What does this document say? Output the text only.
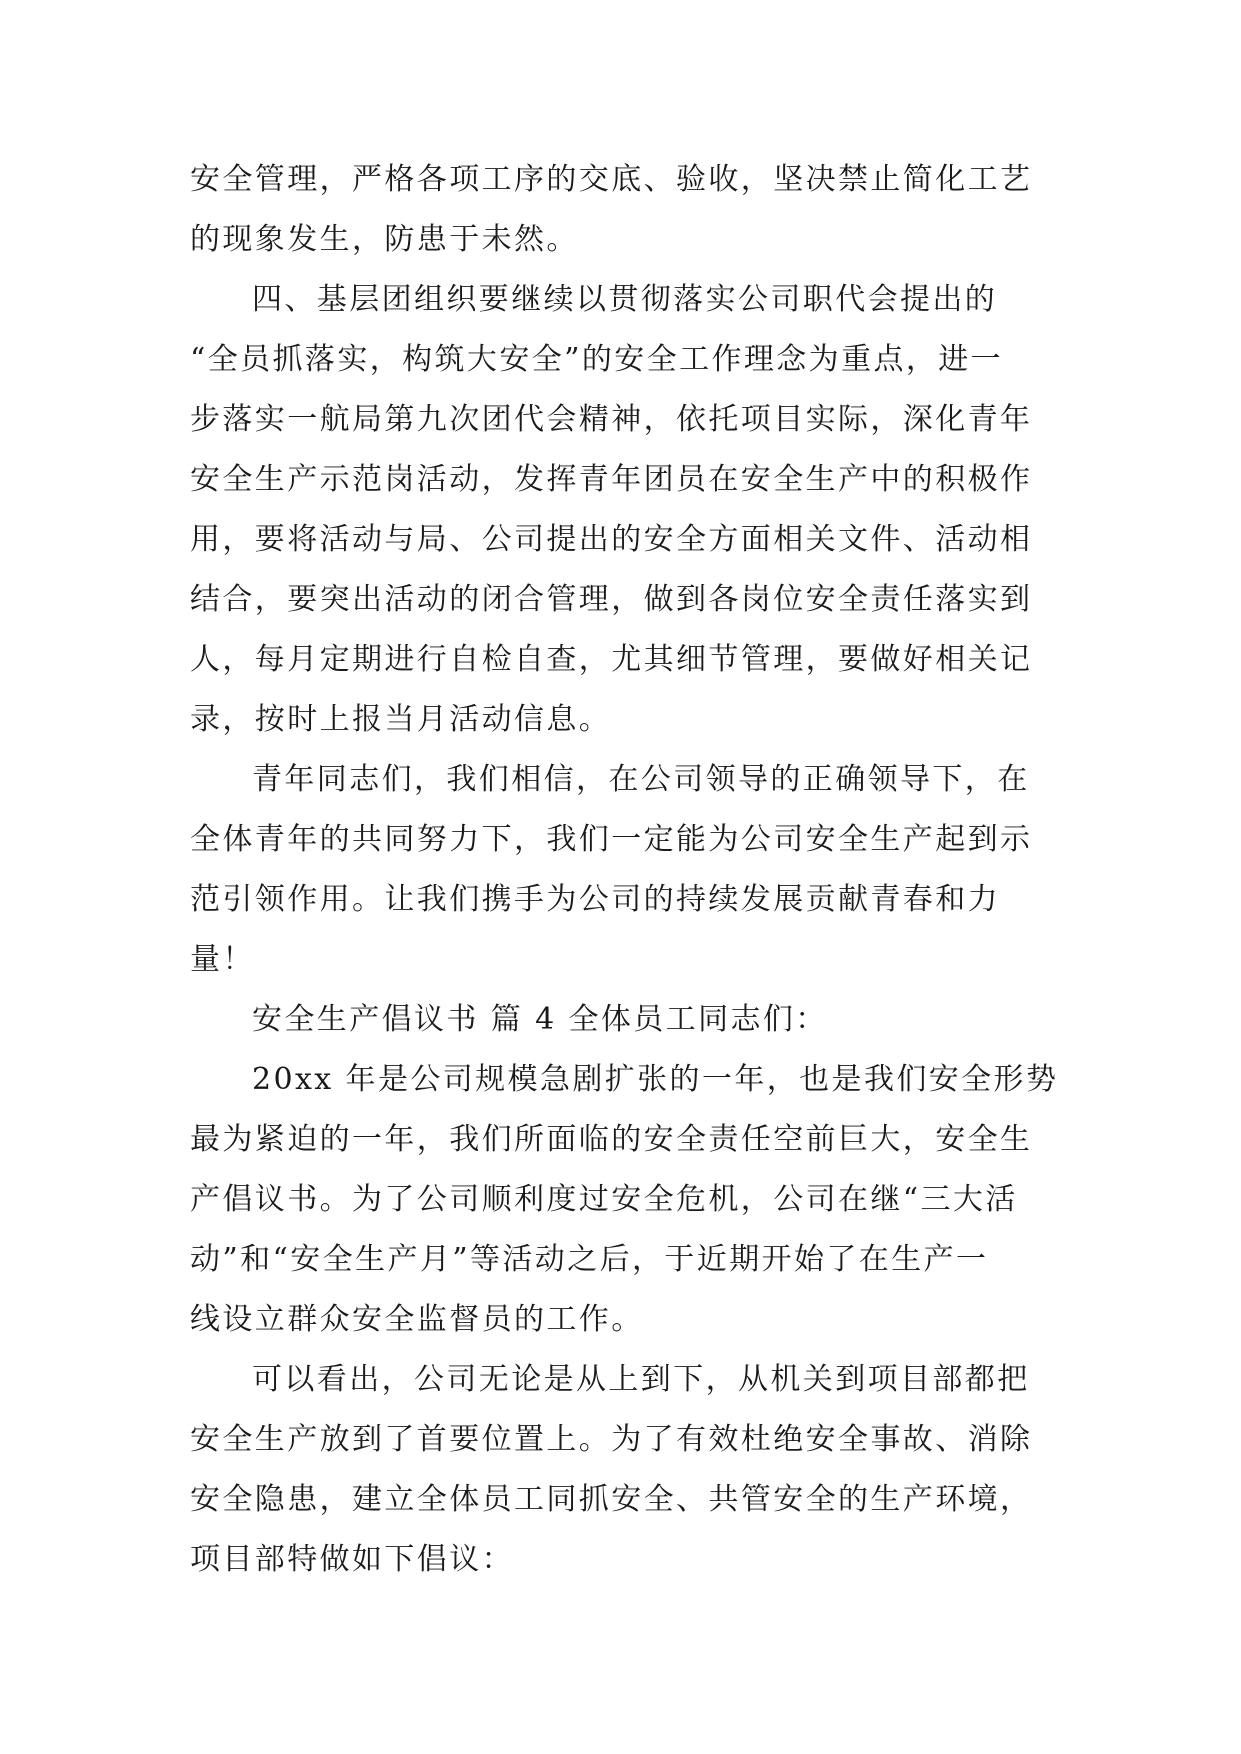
安全管理，严格各项工序的交底、验收，坚决禁止简化工艺
的现象发生，防患于未然。
四、基层团组织要继续以贯彻落实公司职代会提出的
“全员抓落实，构筑大安全”的安全工作理念为重点，进一
步落实一航局第九次团代会精神，依托项目实际，深化青年
安全生产示范岗活动，发挥青年团员在安全生产中的积极作
用，要将活动与局、公司提出的安全方面相关文件、活动相
结合，要突出活动的闭合管理，做到各岗位安全责任落实到
人，每月定期进行自检自查，尤其细节管理，要做好相关记
录，按时上报当月活动信息。
青年同志们，我们相信，在公司领导的正确领导下，在
全体青年的共同努力下，我们一定能为公司安全生产起到示
范引领作用。让我们携手为公司的持续发展贡献青春和力
量！
安全生产倡议书 篇 4 全体员工同志们：
20xx 年是公司规模急剧扩张的一年，也是我们安全形势
最为紧迫的一年，我们所面临的安全责任空前巨大，安全生
产倡议书。为了公司顺利度过安全危机，公司在继“三大活
动”和“安全生产月”等活动之后，于近期开始了在生产一
线设立群众安全监督员的工作。
可以看出，公司无论是从上到下，从机关到项目部都把
安全生产放到了首要位置上。为了有效杜绝安全事故、消除
安全隐患，建立全体员工同抓安全、共管安全的生产环境，
项目部特做如下倡议：
